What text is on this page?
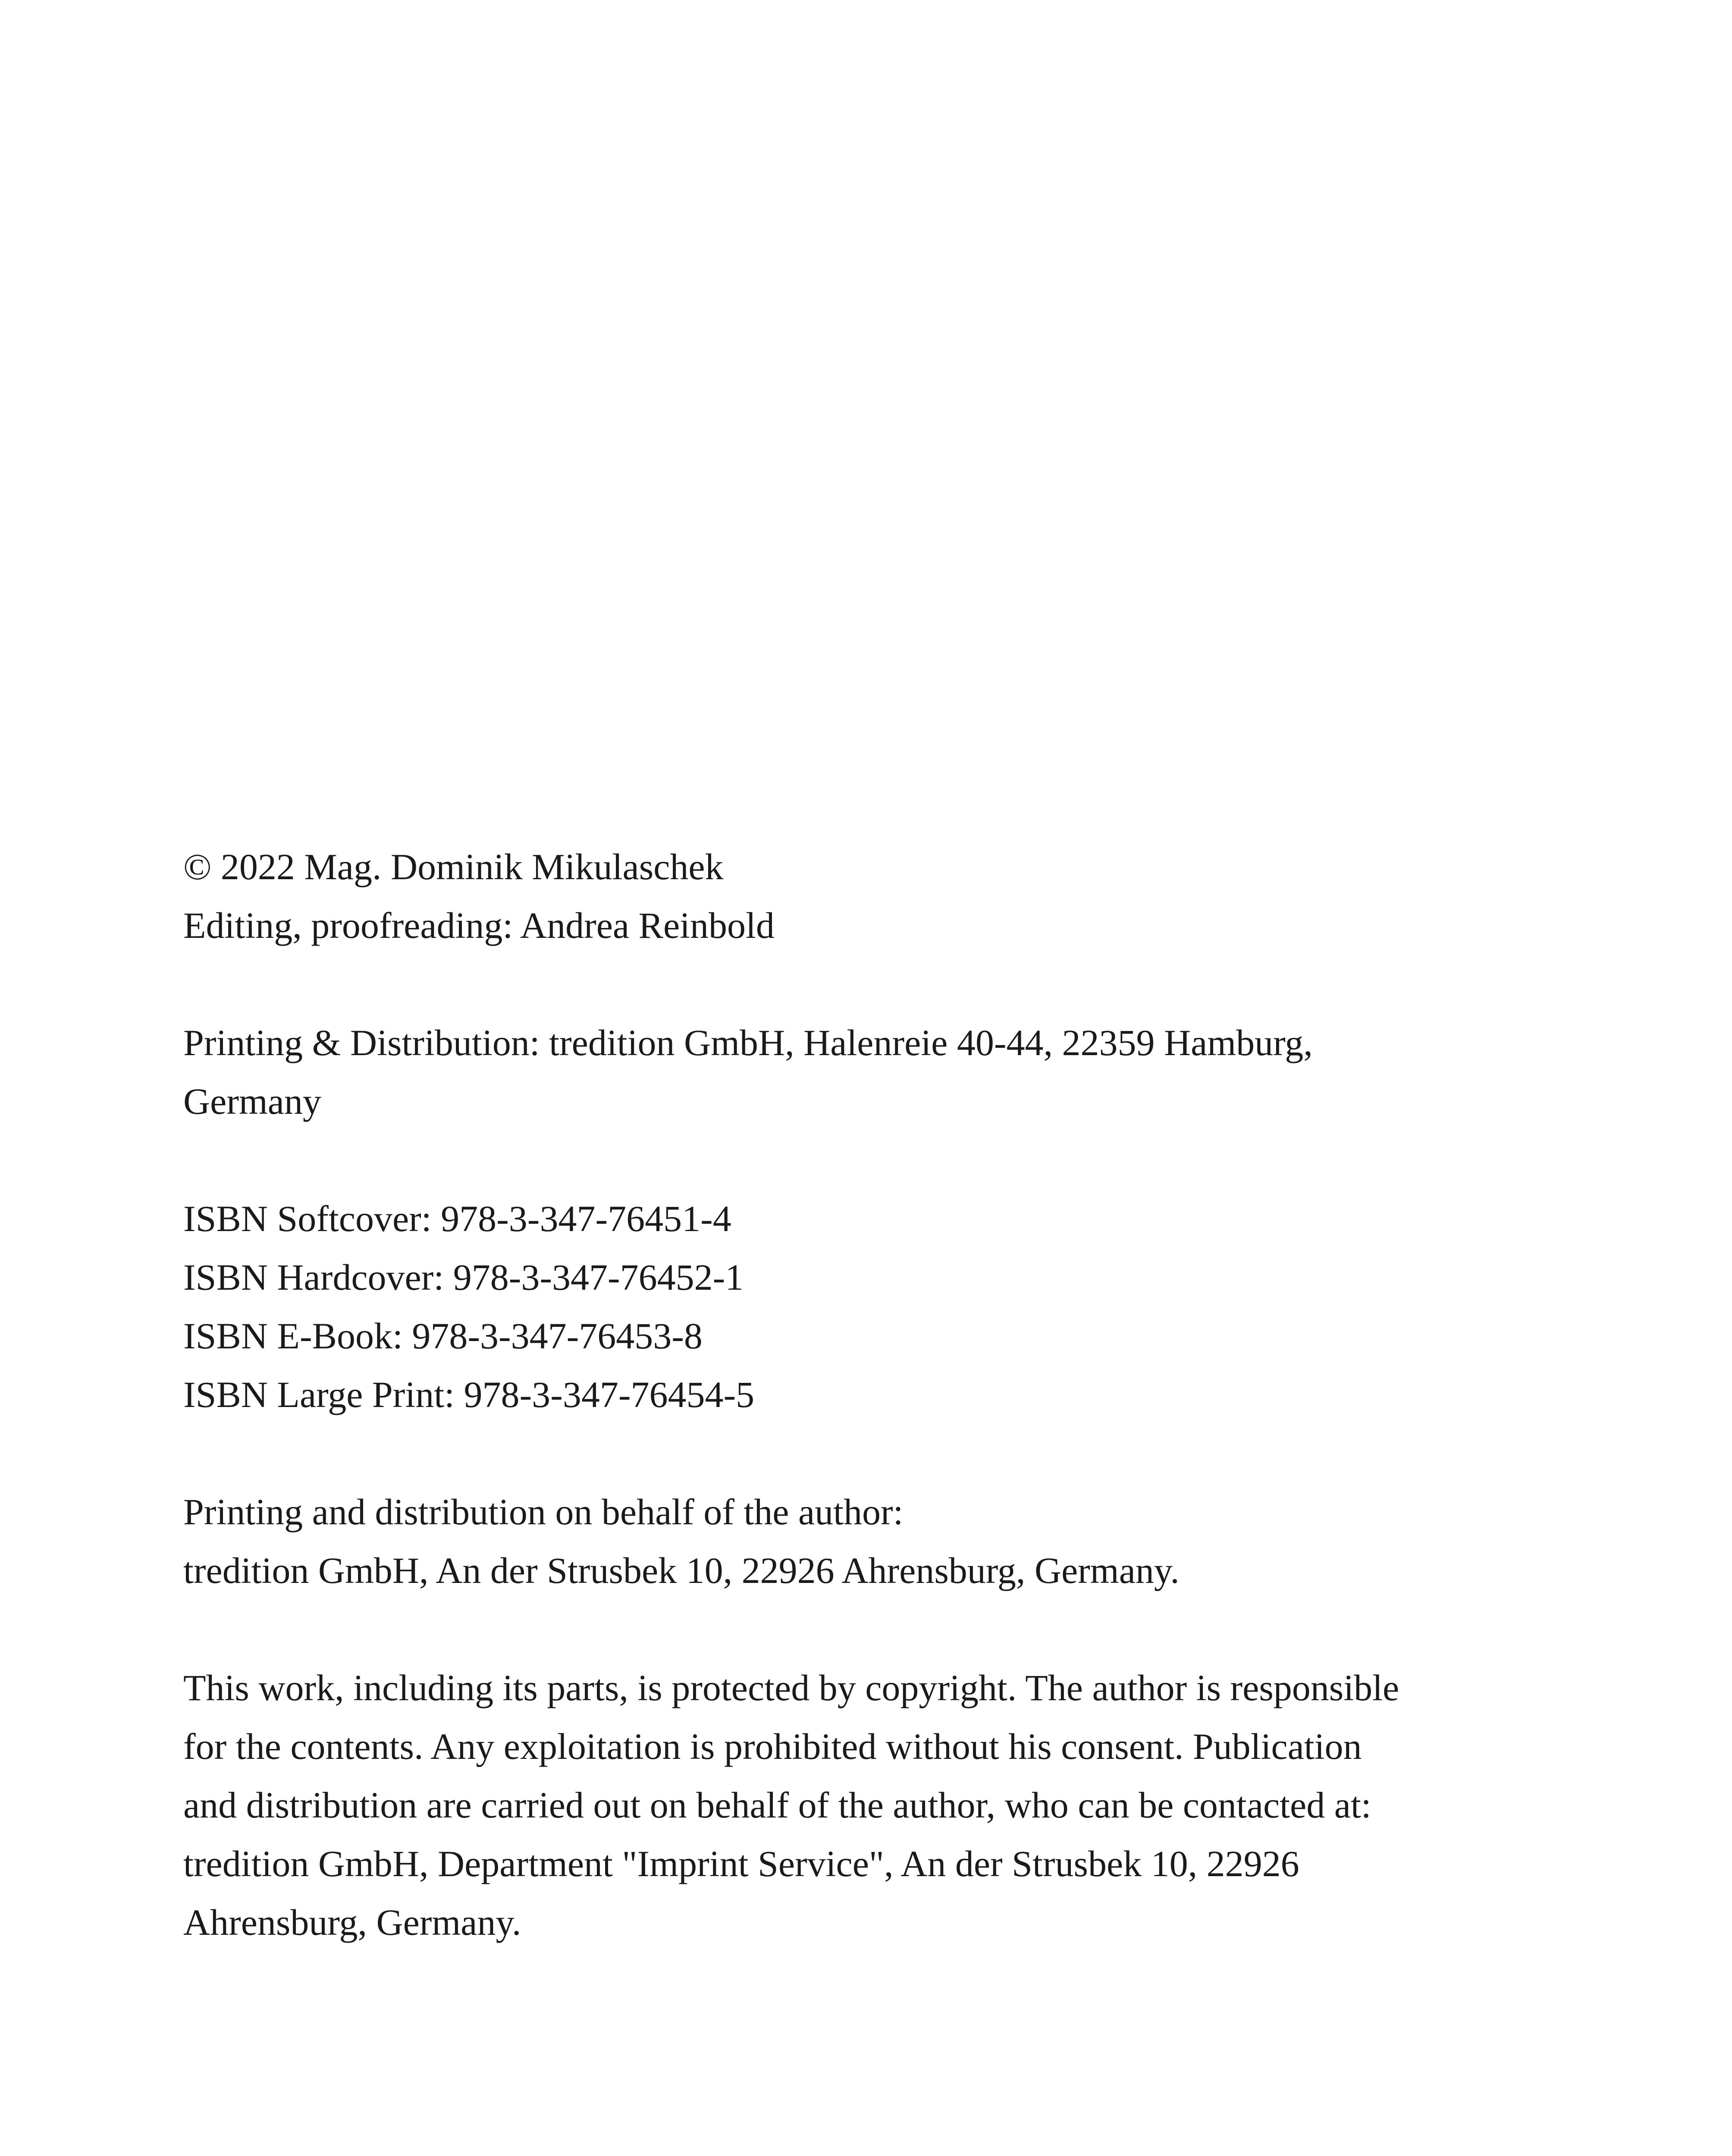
© 2022 Mag. Dominik Mikulaschek
Editing, proofreading: Andrea Reinbold
Printing & Distribution: tredition GmbH, Halenreie 40-44, 22359 Hamburg,
Germany
ISBN Softcover: 978-3-347-76451-4
ISBN Hardcover: 978-3-347-76452-1
ISBN E-Book: 978-3-347-76453-8
ISBN Large Print: 978-3-347-76454-5
Printing and distribution on behalf of the author:
tredition GmbH, An der Strusbek 10, 22926 Ahrensburg, Germany.
This work, including its parts, is protected by copyright. The author is responsible
for the contents. Any exploitation is prohibited without his consent. Publication
and distribution are carried out on behalf of the author, who can be contacted at:
tredition GmbH, Department "Imprint Service", An der Strusbek 10, 22926
Ahrensburg, Germany.
